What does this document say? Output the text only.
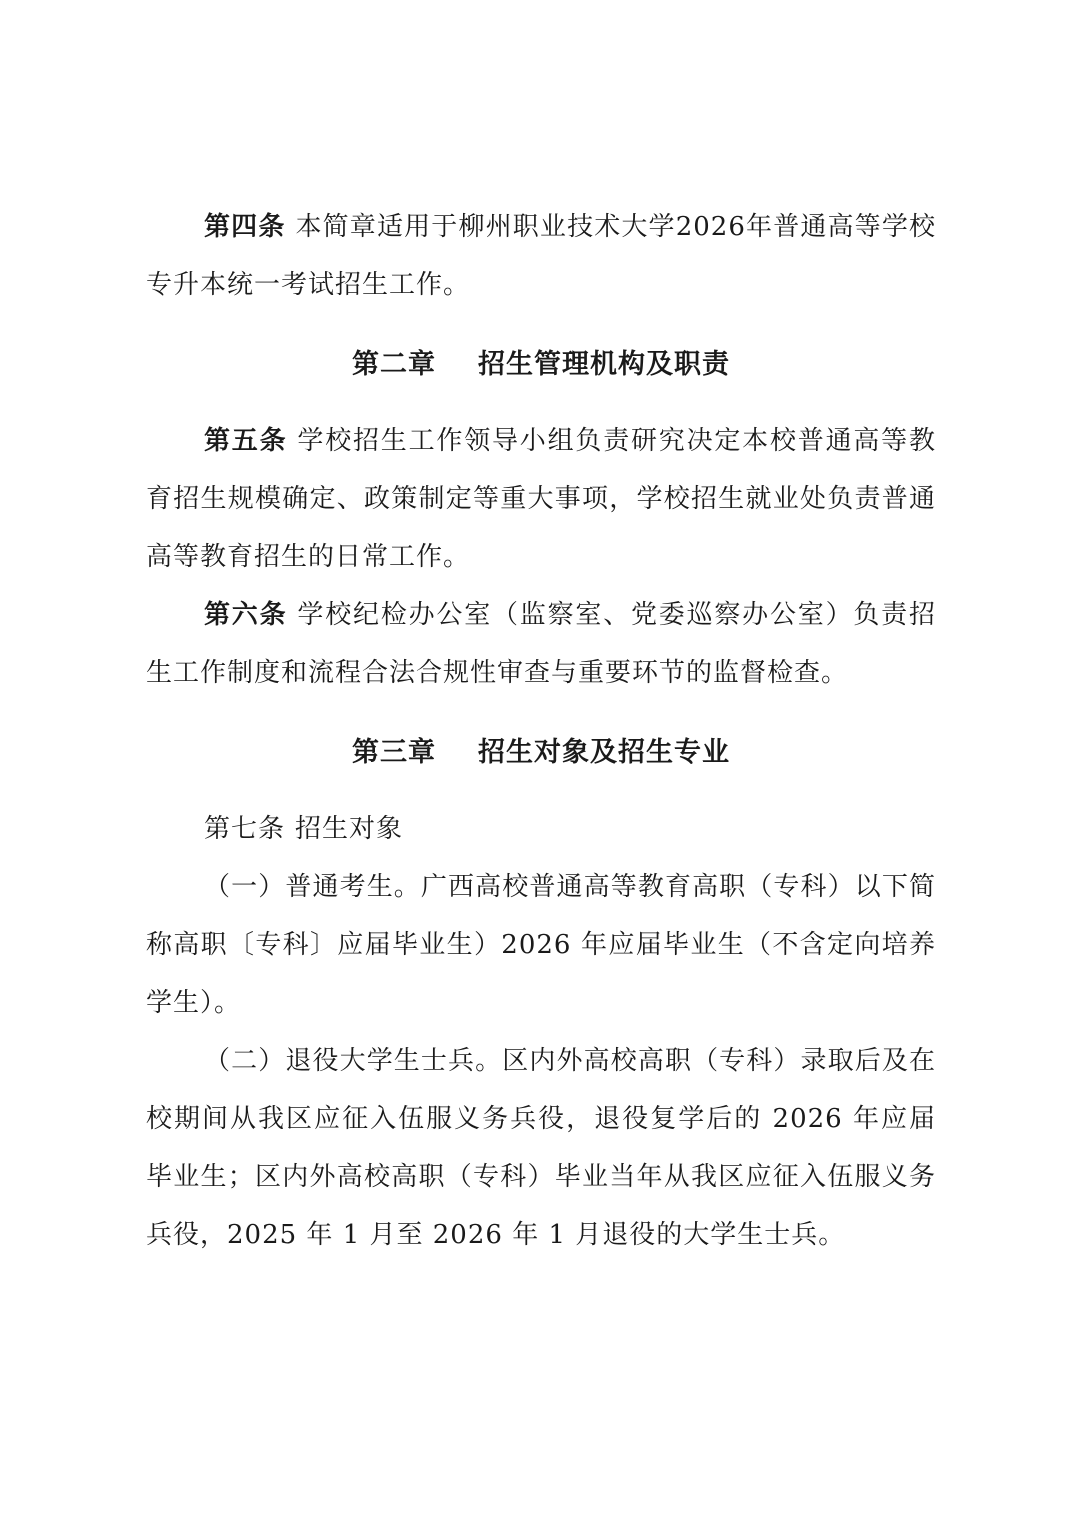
第四条 本简章适用于柳州职业技术大学2026年普通高等学校专升本统一考试招生工作。

第二章 招生管理机构及职责

第五条 学校招生工作领导小组负责研究决定本校普通高等教育招生规模确定、政策制定等重大事项，学校招生就业处负责普通高等教育招生的日常工作。

第六条 学校纪检办公室（监察室、党委巡察办公室）负责招生工作制度和流程合法合规性审查与重要环节的监督检查。

第三章 招生对象及招生专业

第七条 招生对象

（一）普通考生。广西高校普通高等教育高职（专科）以下简称高职〔专科〕应届毕业生）2026 年应届毕业生（不含定向培养学生）。

（二）退役大学生士兵。区内外高校高职（专科）录取后及在校期间从我区应征入伍服义务兵役，退役复学后的 2026 年应届毕业生；区内外高校高职（专科）毕业当年从我区应征入伍服义务兵役，2025 年 1 月至 2026 年 1 月退役的大学生士兵。
